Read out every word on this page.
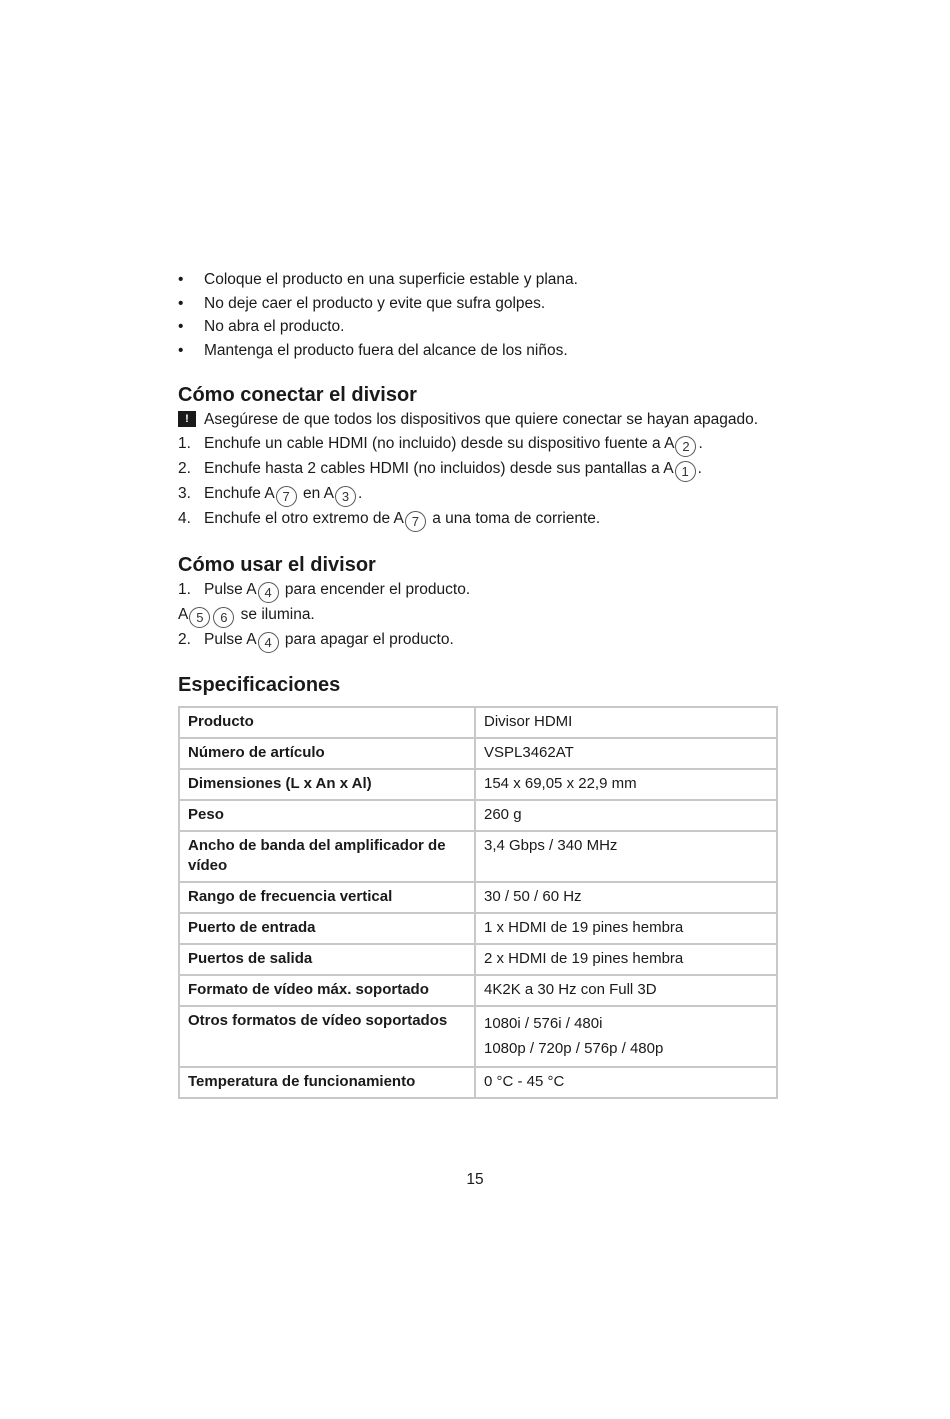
• Coloque el producto en una superficie estable y plana.
• No deje caer el producto y evite que sufra golpes.
• No abra el producto.
• Mantenga el producto fuera del alcance de los niños.
Cómo conectar el divisor
! Asegúrese de que todos los dispositivos que quiere conectar se hayan apagado.
1. Enchufe un cable HDMI (no incluido) desde su dispositivo fuente a A 2 .
2. Enchufe hasta 2 cables HDMI (no incluidos) desde sus pantallas a A 1 .
3. Enchufe A 7 en A 3 .
4. Enchufe el otro extremo de A 7 a una toma de corriente.
Cómo usar el divisor
1. Pulse A 4 para encender el producto.
A 5 6 se ilumina.
2. Pulse A 4 para apagar el producto.
Especificaciones
Producto	Divisor HDMI
Número de artículo	VSPL3462AT
Dimensiones (L x An x Al)	154 x 69,05 x 22,9 mm
Peso	260 g
Ancho de banda del amplificador de vídeo	3,4 Gbps / 340 MHz
Rango de frecuencia vertical	30 / 50 / 60 Hz
Puerto de entrada	1 x HDMI de 19 pines hembra
Puertos de salida	2 x HDMI de 19 pines hembra
Formato de vídeo máx. soportado	4K2K a 30 Hz con Full 3D
Otros formatos de vídeo soportados	1080i / 576i / 480i
1080p / 720p / 576p / 480p

Temperatura de funcionamiento	0 °C - 45 °C
15
